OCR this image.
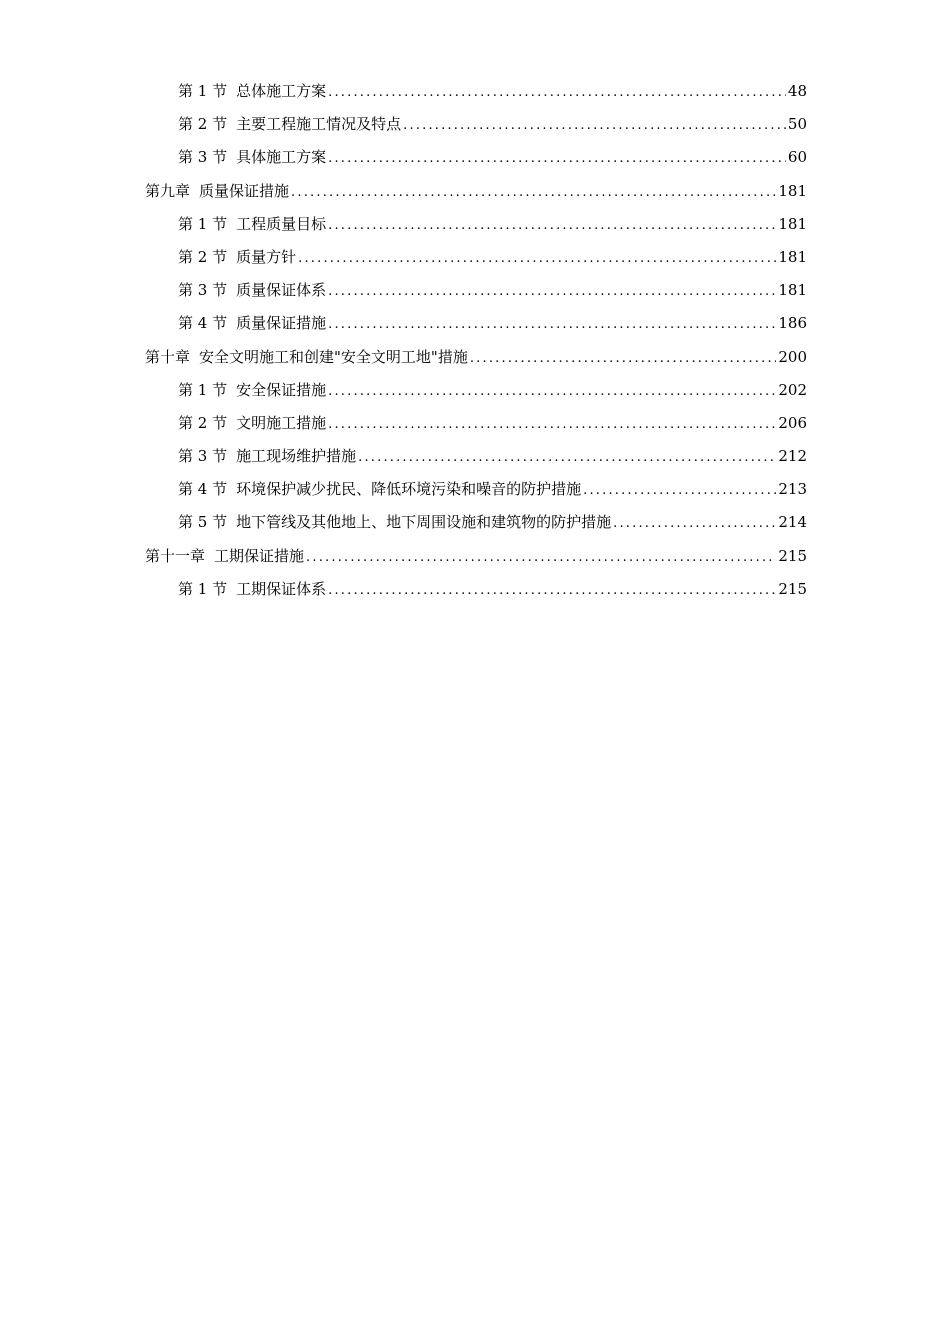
第 1 节 总体施工方案 .....	48
第 2 节 主要工程施工情况及特点 .....	50
第 3 节 具体施工方案 .....	60
第九章 质量保证措施 .....	181
第 1 节 工程质量目标 .....	181
第 2 节 质量方针 .....	181
第 3 节 质量保证体系 .....	181
第 4 节 质量保证措施 .....	186
第十章 安全文明施工和创建"安全文明工地"措施 .....	200
第 1 节 安全保证措施 .....	202
第 2 节 文明施工措施 .....	206
第 3 节 施工现场维护措施 .....	212
第 4 节 环境保护减少扰民、降低环境污染和噪音的防护措施 .....	213
第 5 节 地下管线及其他地上、地下周围设施和建筑物的防护措施 .....	214
第十一章 工期保证措施 .....	215
第 1 节 工期保证体系 .....	215
